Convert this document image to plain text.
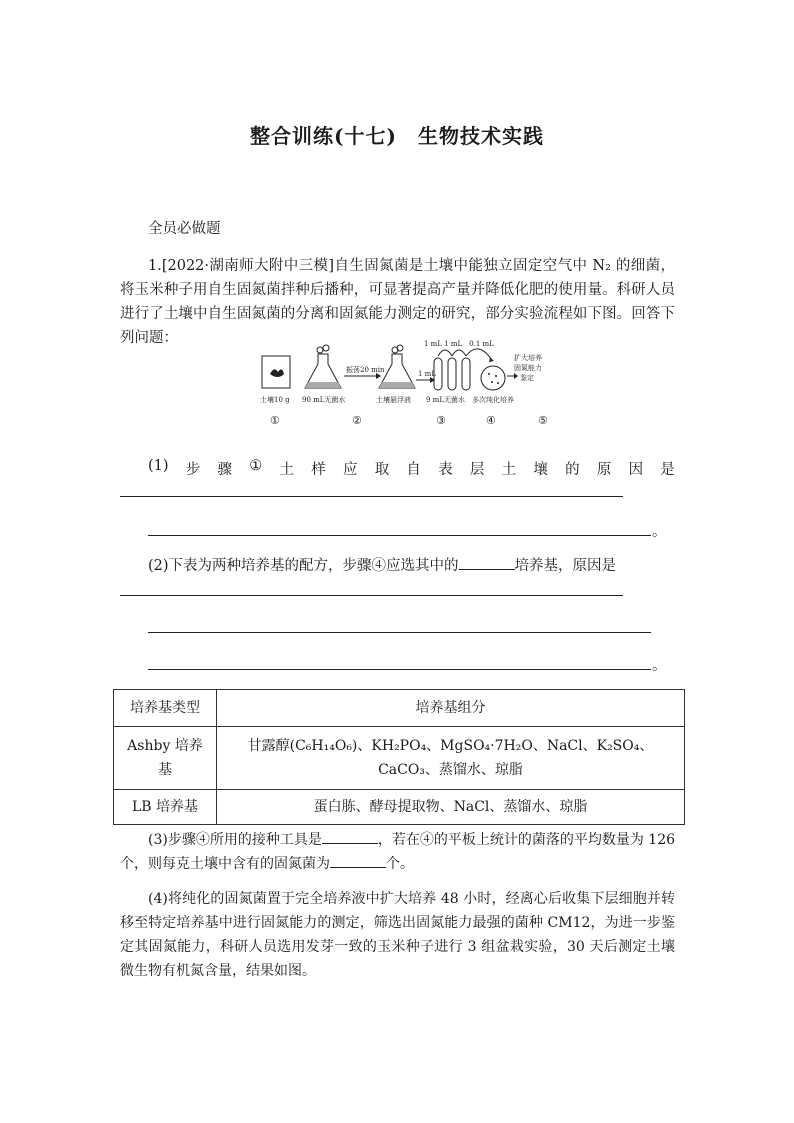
整合训练(十七)　生物技术实践
全员必做题
1.[2022·湖南师大附中三模]自生固氮菌是土壤中能独立固定空气中 N₂ 的细菌，将玉米种子用自生固氮菌拌种后播种，可显著提高产量并降低化肥的使用量。科研人员进行了土壤中自生固氮菌的分离和固氮能力测定的研究，部分实验流程如下图。回答下列问题：
土壤10 g 90 mL无菌水
振荡20 min
土壤悬浮液
1 mL
1 mL 1 mL　0.1 mL
9 mL无菌水 多次纯化培养
扩大培养
固氮能力
鉴定
①	②	③	④	⑤
(1) 步 骤 ① 土 样 应 取 自 表 层 土 壤 的 原 因 是
。
(2)下表为两种培养基的配方，步骤④应选其中的	培养基，原因是
。
培养基类型	培养基组分
Ashby 培养基	甘露醇(C₆H₁₄O₆)、KH₂PO₄、MgSO₄·7H₂O、NaCl、K₂SO₄、CaCO₃、蒸馏水、琼脂
LB 培养基	蛋白胨、酵母提取物、NaCl、蒸馏水、琼脂
(3)步骤④所用的接种工具是	，若在④的平板上统计的菌落的平均数量为 126 个，则每克土壤中含有的固氮菌为	个。
(4)将纯化的固氮菌置于完全培养液中扩大培养 48 小时，经离心后收集下层细胞并转移至特定培养基中进行固氮能力的测定，筛选出固氮能力最强的菌种 CM12，为进一步鉴定其固氮能力，科研人员选用发芽一致的玉米种子进行 3 组盆栽实验，30 天后测定土壤微生物有机氮含量，结果如图。
